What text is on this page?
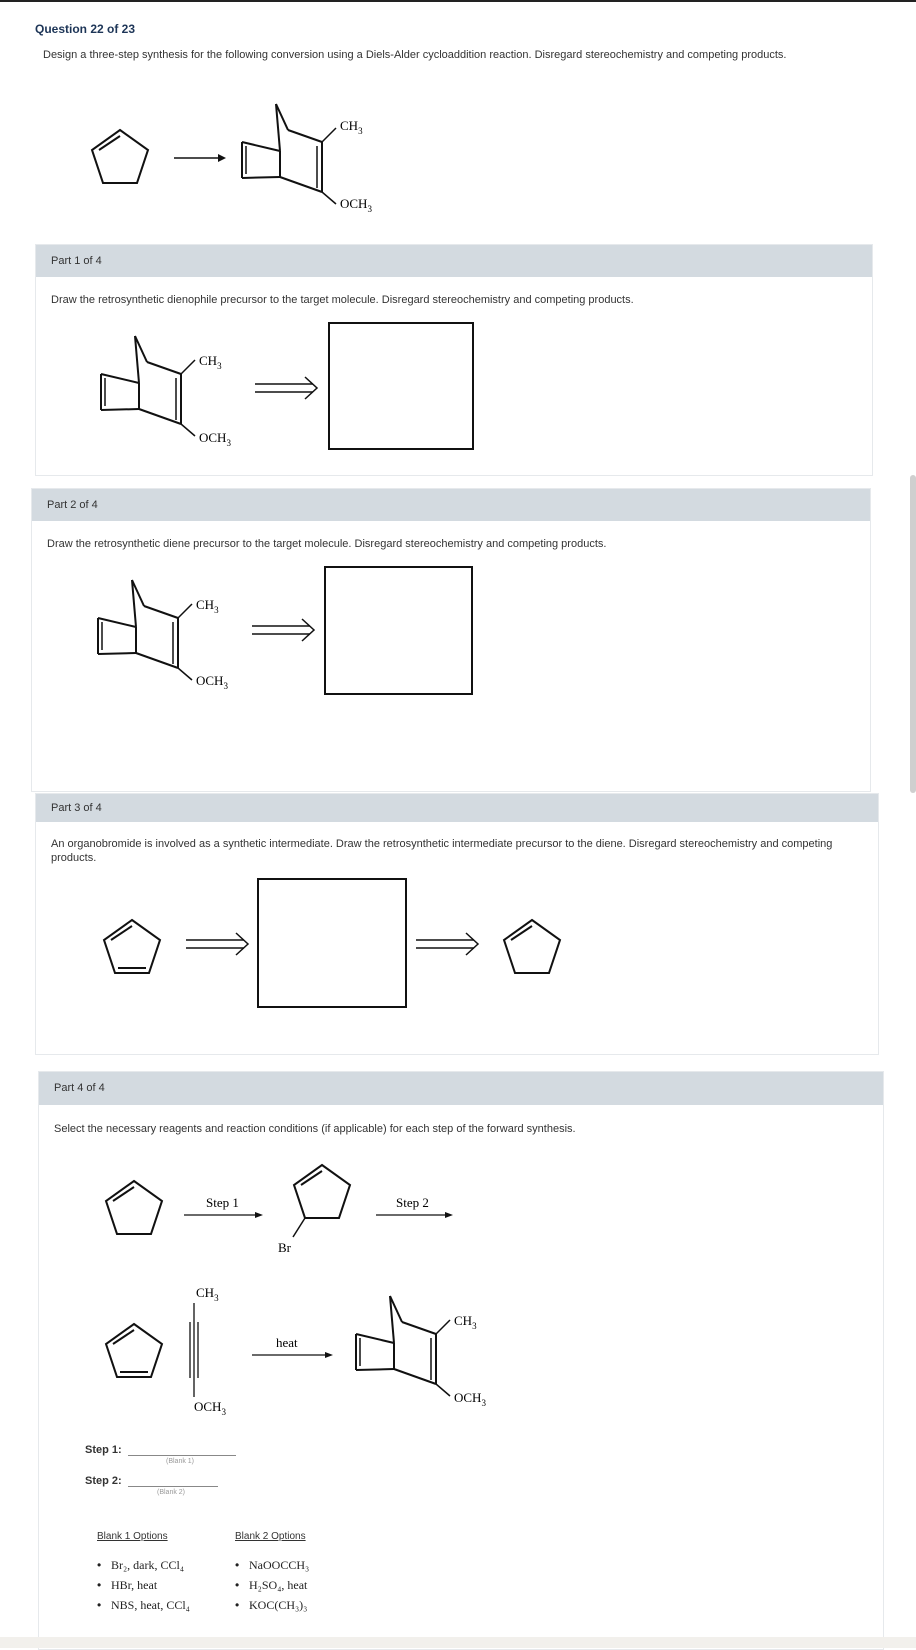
Question 22 of 23
Design a three-step synthesis for the following conversion using a Diels-Alder cycloaddition reaction. Disregard stereochemistry and competing products.
$CH_3$
$OCH_3$
Part 1 of 4
Draw the retrosynthetic dienophile precursor to the target molecule. Disregard stereochemistry and competing products.
$CH_3$
$OCH_3$
Part 2 of 4
Draw the retrosynthetic diene precursor to the target molecule. Disregard stereochemistry and competing products.
$CH_3$
$OCH_3$
Part 3 of 4
An organobromide is involved as a synthetic intermediate. Draw the retrosynthetic intermediate precursor to the diene. Disregard stereochemistry and competing products.
Part 4 of 4
Select the necessary reagents and reaction conditions (if applicable) for each step of the forward synthesis.
Step 1
Br
Step 2
$CH_3$
$OCH_3$
heat
$CH_3$
$OCH_3$
Step 1:
(Blank 1)
Step 2:
(Blank 2)
Blank 1 Options	Blank 2 Options
• Br₂, dark, CCl₄
• HBr, heat
• NBS, heat, CCl₄
• NaOOCCH₃
• H₂SO₄, heat
• KOC(CH₃)₃
